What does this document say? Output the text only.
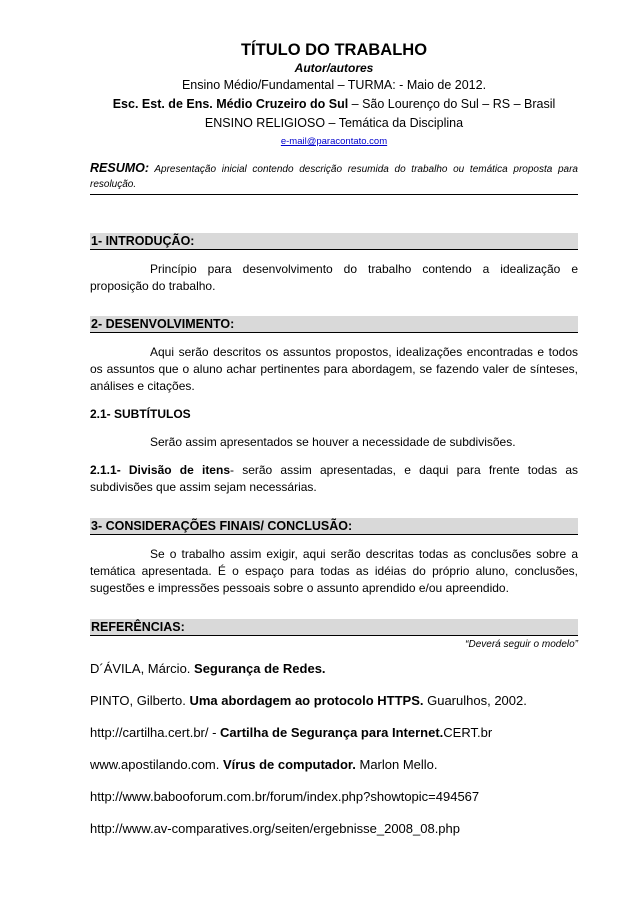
TÍTULO DO TRABALHO
Autor/autores
Ensino Médio/Fundamental – TURMA: - Maio de 2012.
Esc. Est. de Ens. Médio Cruzeiro do Sul – São Lourenço do Sul – RS – Brasil
ENSINO RELIGIOSO – Temática da Disciplina
e-mail@paracontato.com
RESUMO: Apresentação inicial contendo descrição resumida do trabalho ou temática proposta para resolução.
1- INTRODUÇÃO:

Princípio para desenvolvimento do trabalho contendo a idealização e proposição do trabalho.

2- DESENVOLVIMENTO:

Aqui serão descritos os assuntos propostos, idealizações encontradas e todos os assuntos que o aluno achar pertinentes para abordagem, se fazendo valer de sínteses, análises e citações.

2.1- SUBTÍTULOS

Serão assim apresentados se houver a necessidade de subdivisões.

2.1.1- Divisão de itens- serão assim apresentadas, e daqui para frente todas as subdivisões que assim sejam necessárias.

3- CONSIDERAÇÕES FINAIS/ CONCLUSÃO:

Se o trabalho assim exigir, aqui serão descritas todas as conclusões sobre a temática apresentada. É o espaço para todas as idéias do próprio aluno, conclusões, sugestões e impressões pessoais sobre o assunto aprendido e/ou apreendido.

REFERÊNCIAS:
“Deverá seguir o modelo”

D´ÁVILA, Márcio. Segurança de Redes.

PINTO, Gilberto. Uma abordagem ao protocolo HTTPS. Guarulhos, 2002.

http://cartilha.cert.br/ - Cartilha de Segurança para Internet.CERT.br

www.apostilando.com. Vírus de computador. Marlon Mello.

http://www.babooforum.com.br/forum/index.php?showtopic=494567

http://www.av-comparatives.org/seiten/ergebnisse_2008_08.php
